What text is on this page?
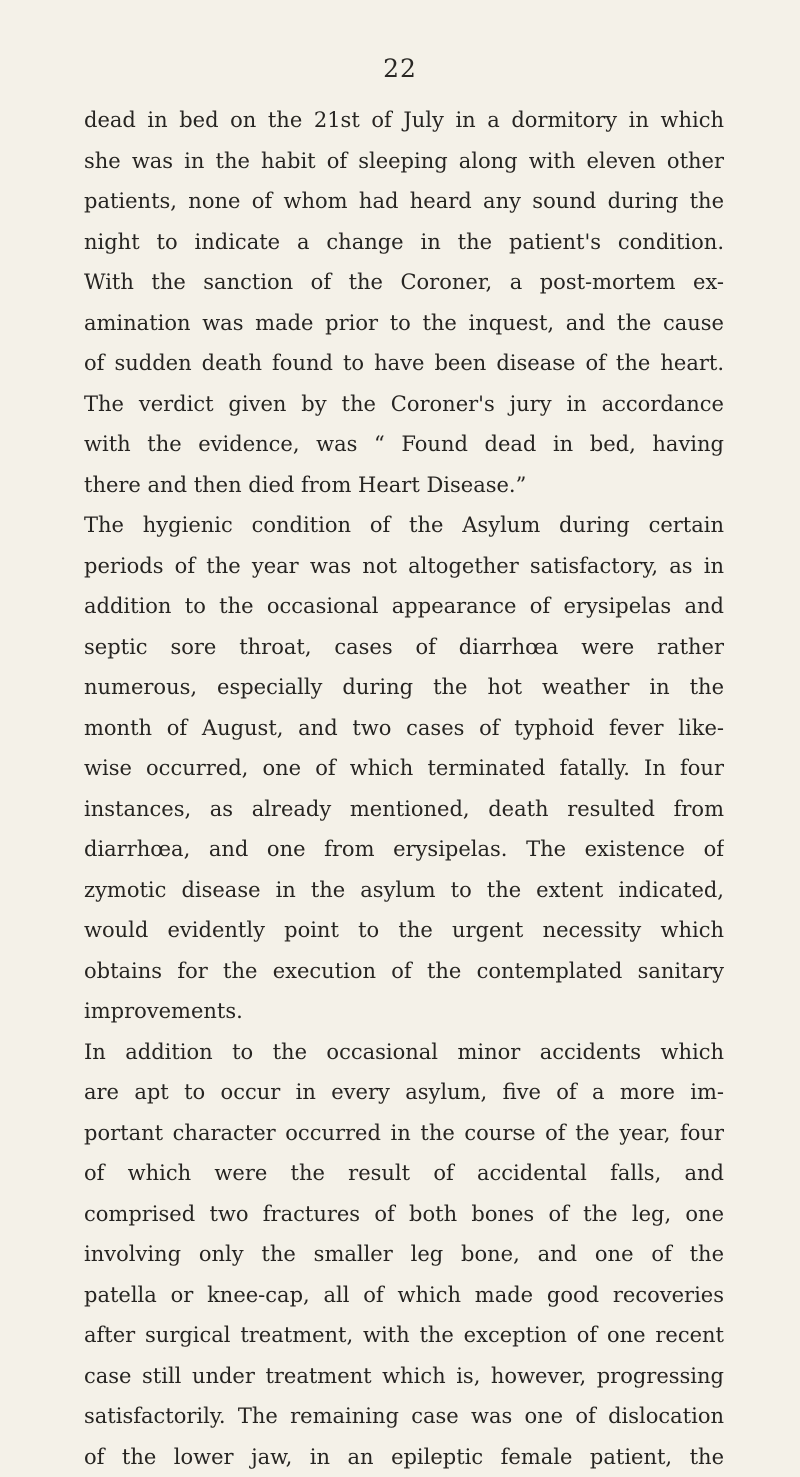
22
dead in bed on the 21st of July in a dormitory in which
she was in the habit of sleeping along with eleven other
patients, none of whom had heard any sound during the
night to indicate a change in the patient's condition.
With the sanction of the Coroner, a post-mortem ex-
amination was made prior to the inquest, and the cause
of sudden death found to have been disease of the heart.
The verdict given by the Coroner's jury in accordance
with the evidence, was “ Found dead in bed, having
there and then died from Heart Disease.”
The hygienic condition of the Asylum during certain
periods of the year was not altogether satisfactory, as in
addition to the occasional appearance of erysipelas and
septic sore throat, cases of diarrhœa were rather
numerous, especially during the hot weather in the
month of August, and two cases of typhoid fever like-
wise occurred, one of which terminated fatally. In four
instances, as already mentioned, death resulted from
diarrhœa, and one from erysipelas. The existence of
zymotic disease in the asylum to the extent indicated,
would evidently point to the urgent necessity which
obtains for the execution of the contemplated sanitary
improvements.
In addition to the occasional minor accidents which
are apt to occur in every asylum, five of a more im-
portant character occurred in the course of the year, four
of which were the result of accidental falls, and
comprised two fractures of both bones of the leg, one
involving only the smaller leg bone, and one of the
patella or knee-cap, all of which made good recoveries
after surgical treatment, with the exception of one recent
case still under treatment which is, however, progressing
satisfactorily. The remaining case was one of dislocation
of the lower jaw, in an epileptic female patient, the
